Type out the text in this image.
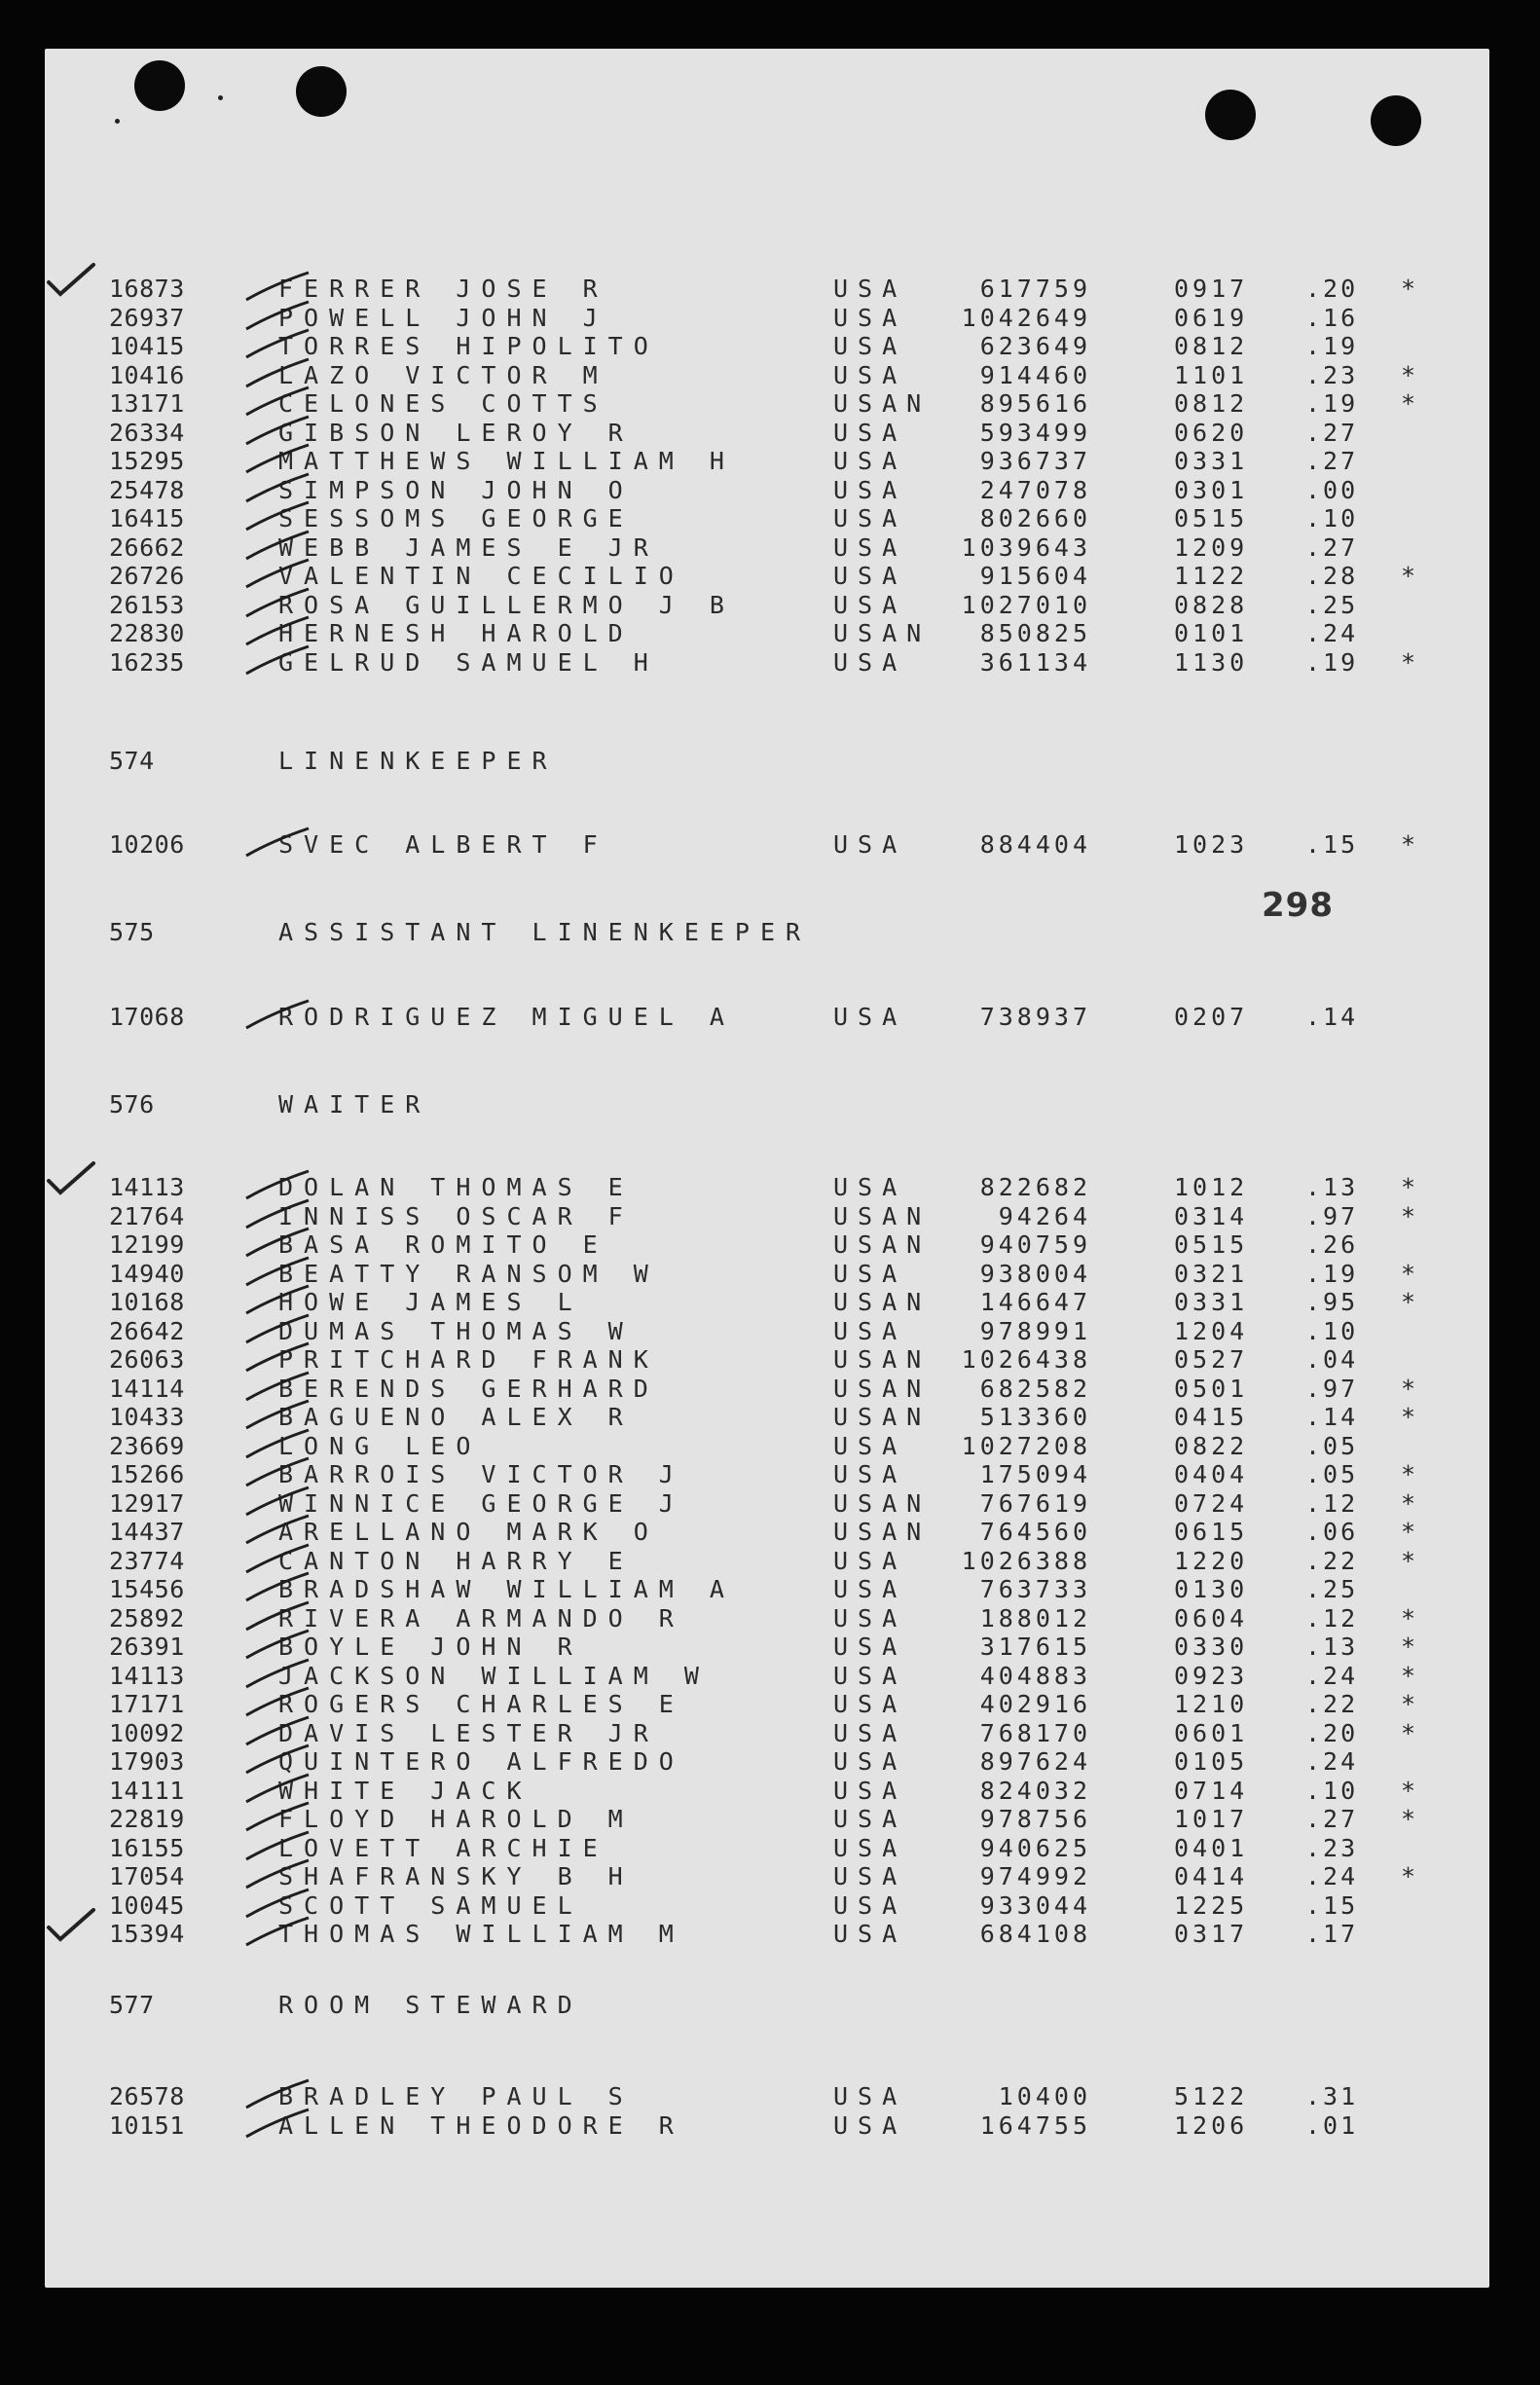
298
16873	FERRER JOSE R	USA	617759	0917 .20 *
26937	POWELL JOHN J	USA 1042649	0619 .16
10415	TORRES HIPOLITO	USA	623649	0812 .19
10416	LAZO VICTOR M	USA	914460	1101 .23 *
13171	CELONES COTTS	USAN 895616	0812 .19 *
26334	GIBSON LEROY R	USA	593499	0620 .27
15295	MATTHEWS WILLIAM H	USA	936737	0331 .27
25478	SIMPSON JOHN O	USA	247078	0301 .00
16415	SESSOMS GEORGE	USA	802660	0515 .10
26662	WEBB JAMES E JR	USA 1039643	1209 .27
26726	VALENTIN CECILIO	USA	915604	1122 .28 *
26153	ROSA GUILLERMO J B	USA 1027010	0828 .25
22830	HERNESH HAROLD	USAN 850825	0101 .24
16235	GELRUD SAMUEL H	USA	361134	1130 .19 *
574	LINENKEEPER
10206	SVEC ALBERT F	USA	884404	1023 .15 *
575	ASSISTANT LINENKEEPER
17068	RODRIGUEZ MIGUEL A	USA	738937	0207 .14
576	WAITER
14113	DOLAN THOMAS E	USA	822682	1012 .13 *
21764	INNISS OSCAR F	USAN	94264	0314 .97 *
12199	BASA ROMITO E	USAN 940759	0515 .26
14940	BEATTY RANSOM W	USA	938004	0321 .19 *
10168	HOWE JAMES L	USAN 146647	0331 .95 *
26642	DUMAS THOMAS W	USA	978991	1204 .10
26063	PRITCHARD FRANK	USAN 1026438	0527 .04
14114	BERENDS GERHARD	USAN 682582	0501 .97 *
10433	BAGUENO ALEX R	USAN 513360	0415 .14 *
23669	LONG LEO	USA 1027208	0822 .05
15266	BARROIS VICTOR J	USA	175094	0404 .05 *
12917	WINNICE GEORGE J	USAN 767619	0724 .12 *
14437	ARELLANO MARK O	USAN 764560	0615 .06 *
23774	CANTON HARRY E	USA 1026388	1220 .22 *
15456	BRADSHAW WILLIAM A	USA	763733	0130 .25
25892	RIVERA ARMANDO R	USA	188012	0604 .12 *
26391	BOYLE JOHN R	USA	317615	0330 .13 *
14113	JACKSON WILLIAM W	USA	404883	0923 .24 *
17171	ROGERS CHARLES E	USA	402916	1210 .22 *
10092	DAVIS LESTER JR	USA	768170	0601 .20 *
17903	QUINTERO ALFREDO	USA	897624	0105 .24
14111	WHITE JACK	USA	824032	0714 .10 *
22819	FLOYD HAROLD M	USA	978756	1017 .27 *
16155	LOVETT ARCHIE	USA	940625	0401 .23
17054	SHAFRANSKY B H	USA	974992	0414 .24 *
10045	SCOTT SAMUEL	USA	933044	1225 .15
15394	THOMAS WILLIAM M	USA	684108	0317 .17
577	ROOM STEWARD
26578	BRADLEY PAUL S	USA	10400	5122 .31
10151	ALLEN THEODORE R	USA	164755	1206 .01
